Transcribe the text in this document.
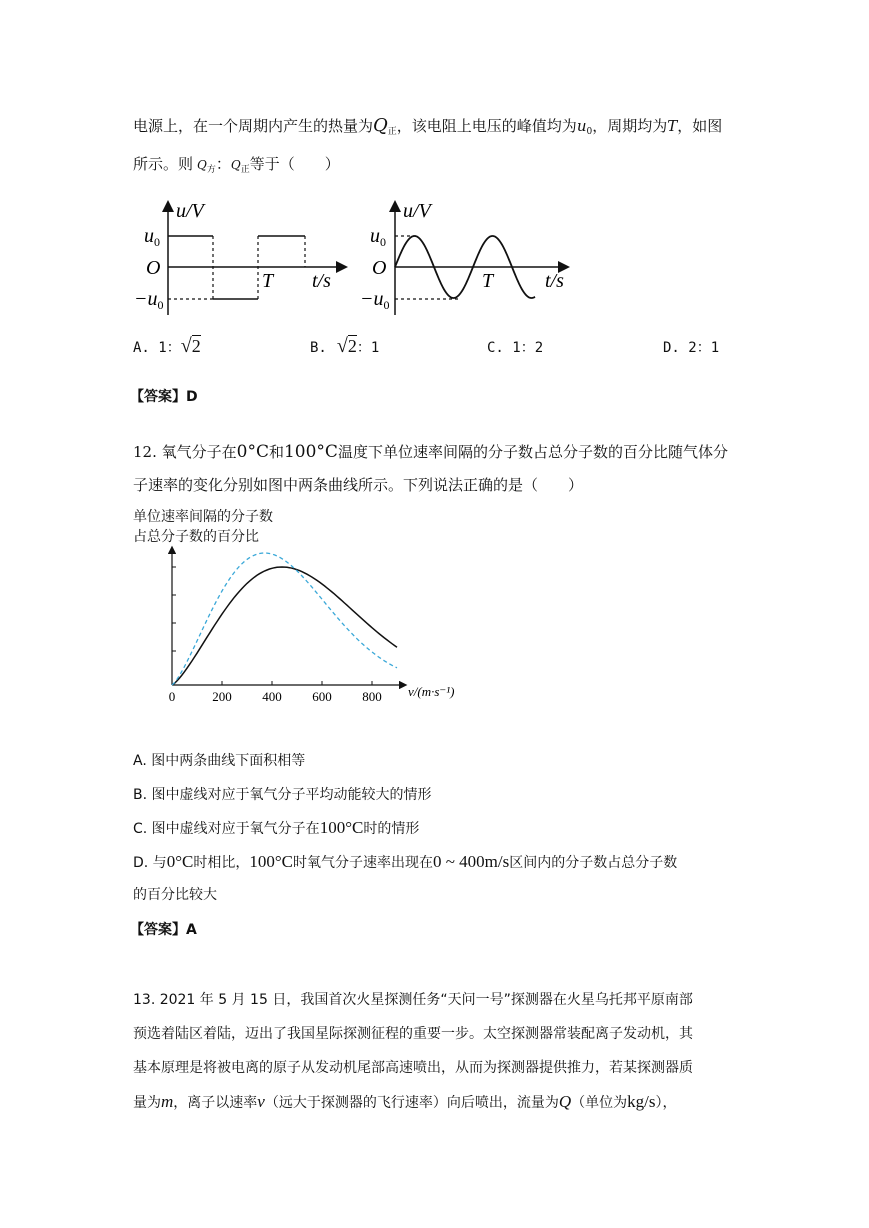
电源上，在一个周期内产生的热量为$Q_正$，该电阻上电压的峰值均为$u_0$，周期均为T，如图
所示。则 $Q_方$：$Q_正$等于（　　）
u/V
$u_0$
O
$-u_0$
T t/s
u/V
$u_0$
O
$-u_0$
T	t/s
A. 1：√2	B. √2：1	C. 1：2	D. 2：1
【答案】D
12. 氧气分子在0°C和100°C温度下单位速率间隔的分子数占总分子数的百分比随气体分
子速率的变化分别如图中两条曲线所示。下列说法正确的是（　　）
单位速率间隔的分子数
占总分子数的百分比
0	200 400 600 800 v/(m·s⁻¹)
A. 图中两条曲线下面积相等
B. 图中虚线对应于氧气分子平均动能较大的情形
C. 图中虚线对应于氧气分子在100°C时的情形
D. 与0°C时相比，100°C时氧气分子速率出现在0 ~ 400m/s区间内的分子数占总分子数
的百分比较大
【答案】A
13. 2021 年 5 月 15 日，我国首次火星探测任务“天问一号”探测器在火星乌托邦平原南部
预选着陆区着陆，迈出了我国星际探测征程的重要一步。太空探测器常装配离子发动机，其
基本原理是将被电离的原子从发动机尾部高速喷出，从而为探测器提供推力，若某探测器质
量为m，离子以速率v（远大于探测器的飞行速率）向后喷出，流量为Q（单位为kg/s），
